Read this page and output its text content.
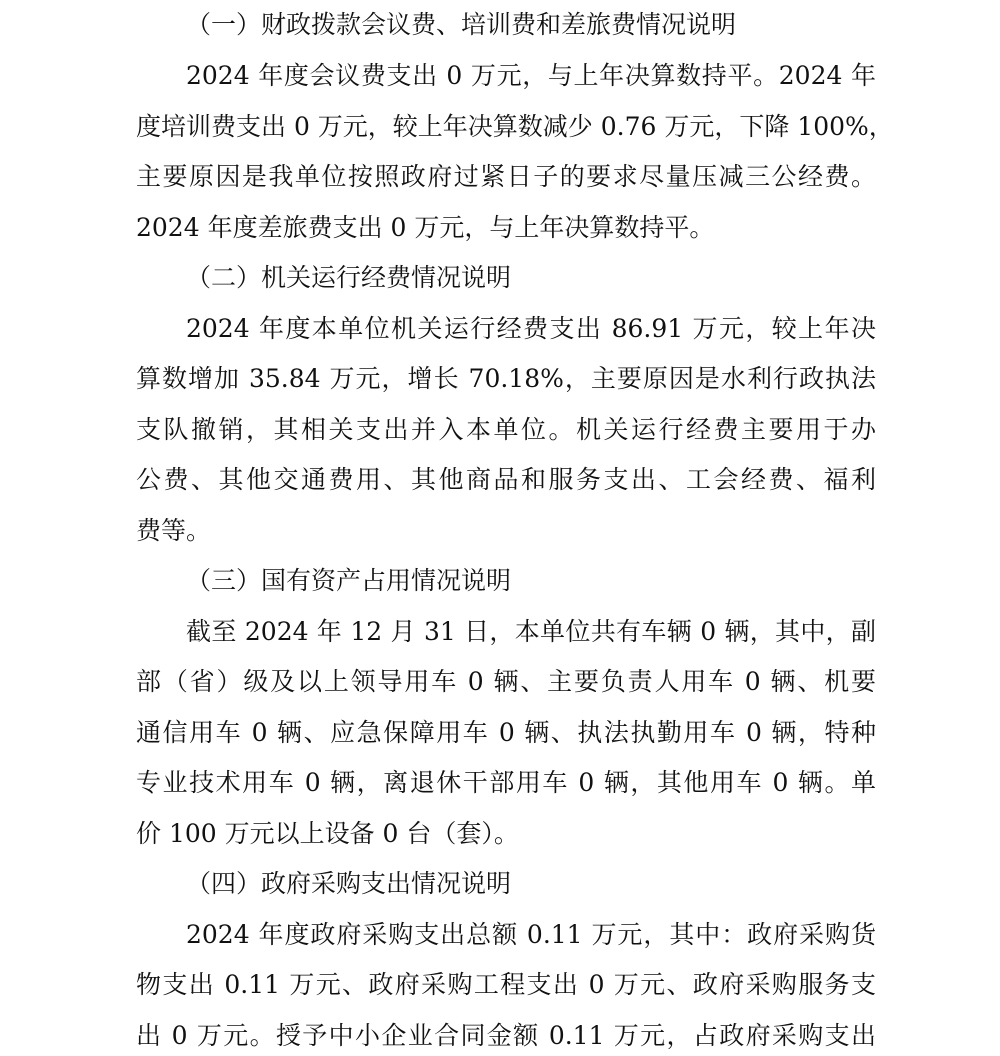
（一）财政拨款会议费、培训费和差旅费情况说明
2024 年度会议费支出 0 万元，与上年决算数持平。2024 年
度培训费支出 0 万元，较上年决算数减少 0.76 万元，下降 100%，
主要原因是我单位按照政府过紧日子的要求尽量压减三公经费。
2024 年度差旅费支出 0 万元，与上年决算数持平。
（二）机关运行经费情况说明
2024 年度本单位机关运行经费支出 86.91 万元，较上年决
算数增加 35.84 万元，增长 70.18%，主要原因是水利行政执法
支队撤销，其相关支出并入本单位。机关运行经费主要用于办
公费、其他交通费用、其他商品和服务支出、工会经费、福利
费等。
（三）国有资产占用情况说明
截至 2024 年 12 月 31 日，本单位共有车辆 0 辆，其中，副
部（省）级及以上领导用车 0 辆、主要负责人用车 0 辆、机要
通信用车 0 辆、应急保障用车 0 辆、执法执勤用车 0 辆，特种
专业技术用车 0 辆，离退休干部用车 0 辆，其他用车 0 辆。单
价 100 万元以上设备 0 台（套）。
（四）政府采购支出情况说明
2024 年度政府采购支出总额 0.11 万元，其中：政府采购货
物支出 0.11 万元、政府采购工程支出 0 万元、政府采购服务支
出 0 万元。授予中小企业合同金额 0.11 万元，占政府采购支出
